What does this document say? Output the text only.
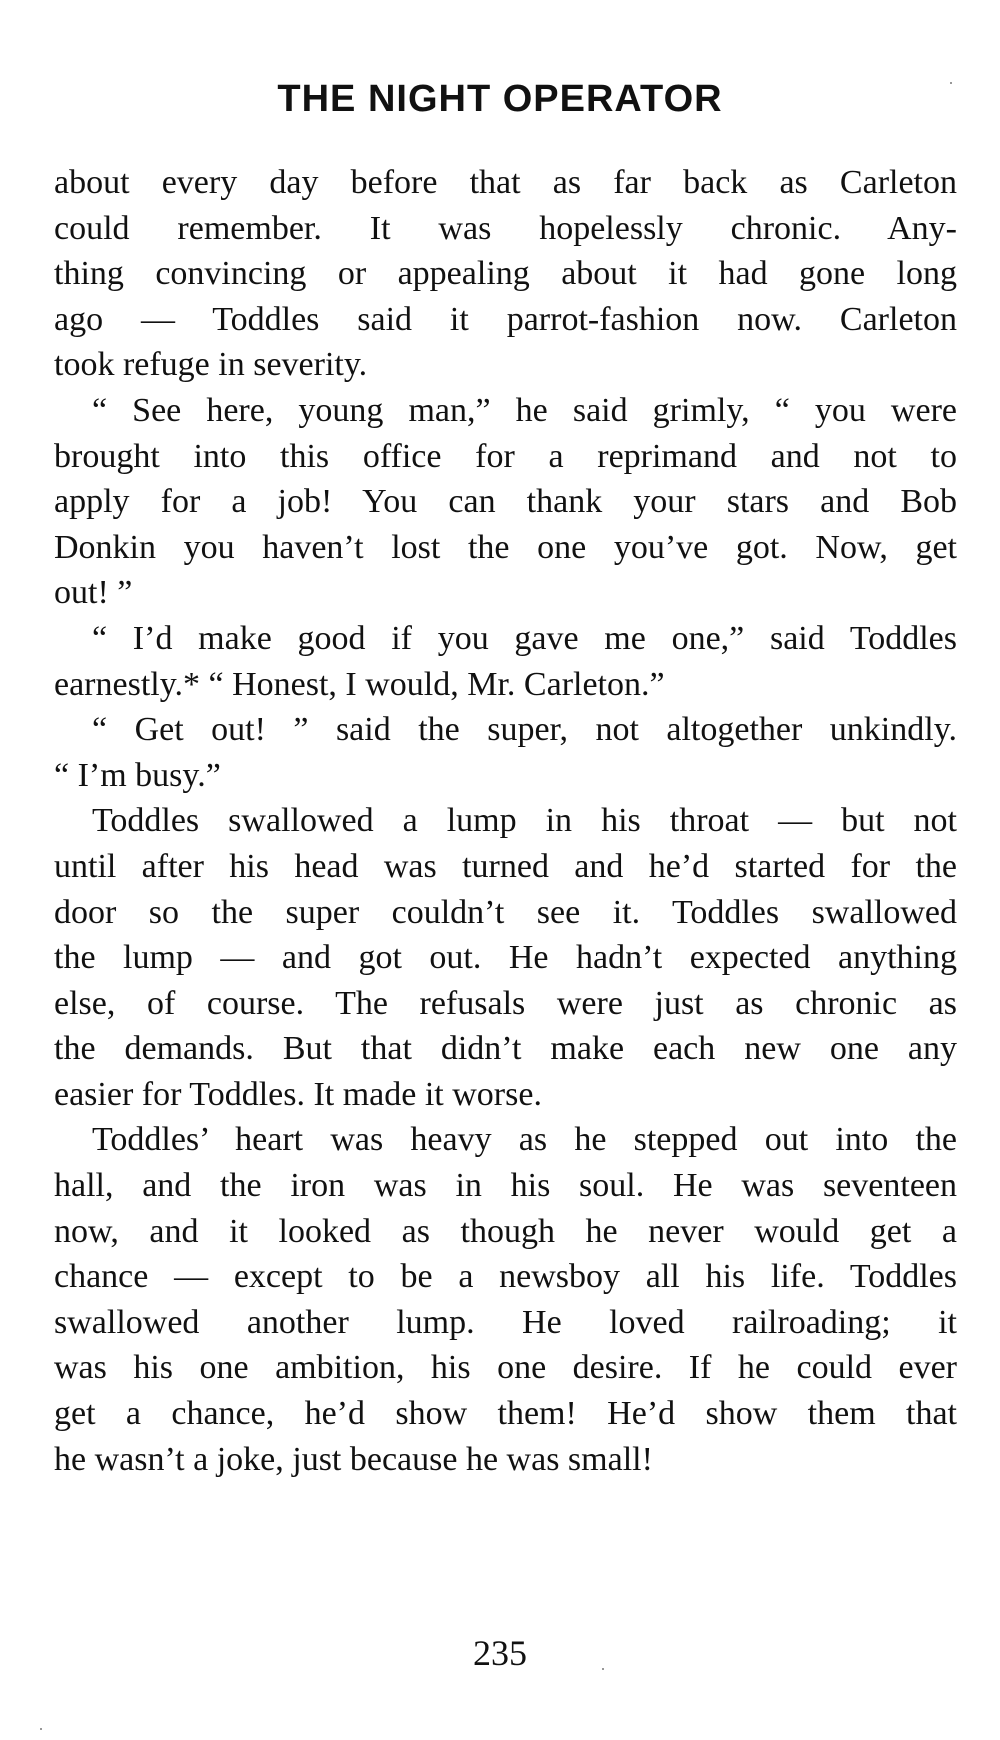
THE NIGHT OPERATOR
about every day before that as far back as Carleton
could remember. It was hopelessly chronic. Any-
thing convincing or appealing about it had gone long
ago — Toddles said it parrot-fashion now. Carleton
took refuge in severity.
“ See here, young man,” he said grimly, “ you were
brought into this office for a reprimand and not to
apply for a job! You can thank your stars and Bob
Donkin you haven’t lost the one you’ve got. Now, get
out! ”
“ I’d make good if you gave me one,” said Toddles
earnestly.* “ Honest, I would, Mr. Carleton.”
“ Get out! ” said the super, not altogether unkindly.
“ I’m busy.”
Toddles swallowed a lump in his throat — but not
until after his head was turned and he’d started for the
door so the super couldn’t see it. Toddles swallowed
the lump — and got out. He hadn’t expected anything
else, of course. The refusals were just as chronic as
the demands. But that didn’t make each new one any
easier for Toddles. It made it worse.
Toddles’ heart was heavy as he stepped out into the
hall, and the iron was in his soul. He was seventeen
now, and it looked as though he never would get a
chance — except to be a newsboy all his life. Toddles
swallowed another lump. He loved railroading; it
was his one ambition, his one desire. If he could ever
get a chance, he’d show them! He’d show them that
he wasn’t a joke, just because he was small!
235
